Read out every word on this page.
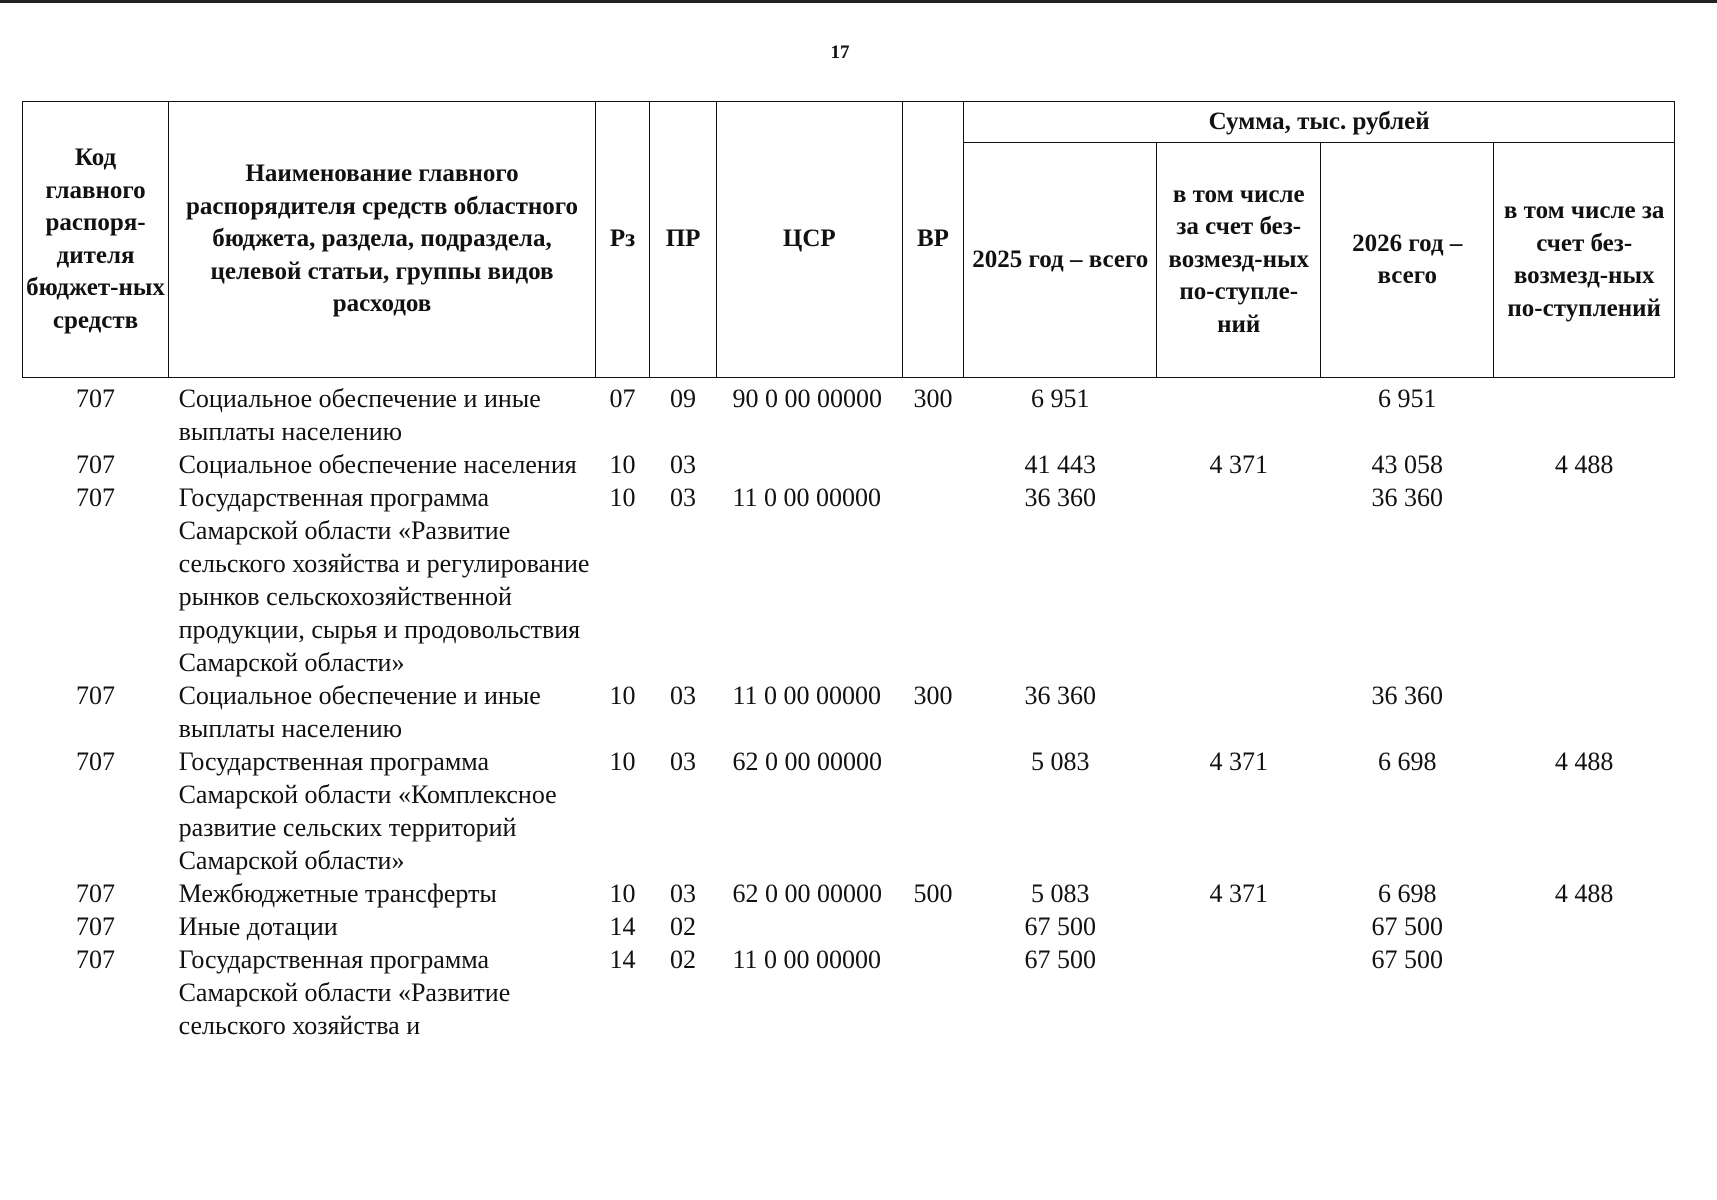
17
Код главного распоря-дителя бюджет-ных средств	Наименование главного распорядителя средств областного бюджета, раздела, подраздела, целевой статьи, группы видов расходов	Рз	ПР	ЦСР	ВР	Сумма, тыс. рублей			
						2025 год – всего	в том числе за счет без-возмезд-ных по-ступле-ний	2026 год – всего	в том числе за счет без-возмезд-ных по-ступлений
707	Социальное обеспечение и иные выплаты населению	07	09	90 0 00 00000	300	6 951		6 951	
707	Социальное обеспечение населения	10	03			41 443	4 371	43 058	4 488
707	Государственная программа Самарской области «Развитие сельского хозяйства и регулирование рынков сельскохозяйственной продукции, сырья и продовольствия Самарской области»	10	03	11 0 00 00000		36 360		36 360	
707	Социальное обеспечение и иные выплаты населению	10	03	11 0 00 00000	300	36 360		36 360	
707	Государственная программа Самарской области «Комплексное развитие сельских территорий Самарской области»	10	03	62 0 00 00000		5 083	4 371	6 698	4 488
707	Межбюджетные трансферты	10	03	62 0 00 00000	500	5 083	4 371	6 698	4 488
707	Иные дотации	14	02			67 500		67 500	
707	Государственная программа Самарской области «Развитие сельского хозяйства и	14	02	11 0 00 00000		67 500		67 500	
